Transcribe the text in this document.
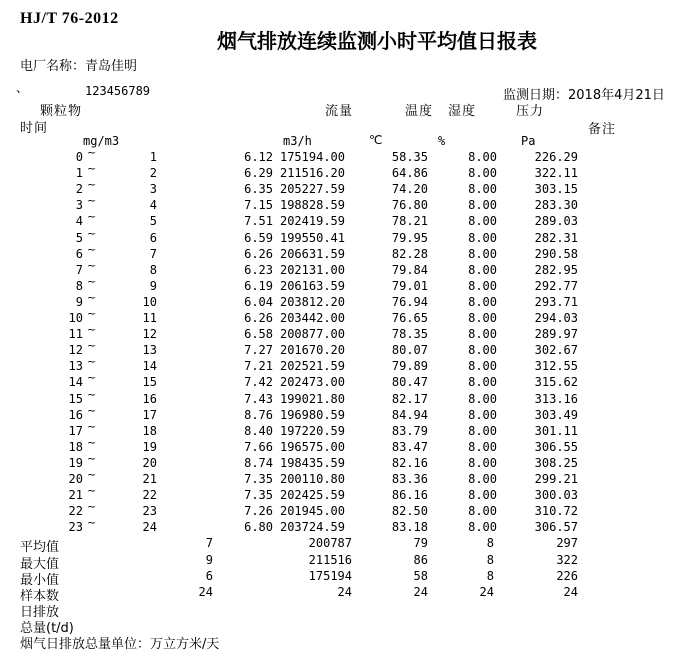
HJ/T 76-2012
烟气排放连续监测小时平均值日报表
电厂名称：青岛佳明
、	123456789	监测日期：2018年4月21日
颗粒物	流量	温度 湿度	压力
时间	备注
mg/m3	m3/h	℃	%	Pa
0 ~	1	6.12 175194.00	58.35	8.00	226.29
1 ~	2	6.29 211516.20	64.86	8.00	322.11
2 ~	3	6.35 205227.59	74.20	8.00	303.15
3 ~	4	7.15 198828.59	76.80	8.00	283.30
4 ~	5	7.51 202419.59	78.21	8.00	289.03
5 ~	6	6.59 199550.41	79.95	8.00	282.31
6 ~	7	6.26 206631.59	82.28	8.00	290.58
7 ~	8	6.23 202131.00	79.84	8.00	282.95
8 ~	9	6.19 206163.59	79.01	8.00	292.77
9 ~	10	6.04 203812.20	76.94	8.00	293.71
10 ~	11	6.26 203442.00	76.65	8.00	294.03
11 ~	12	6.58 200877.00	78.35	8.00	289.97
12 ~	13	7.27 201670.20	80.07	8.00	302.67
13 ~	14	7.21 202521.59	79.89	8.00	312.55
14 ~	15	7.42 202473.00	80.47	8.00	315.62
15 ~	16	7.43 199021.80	82.17	8.00	313.16
16 ~	17	8.76 196980.59	84.94	8.00	303.49
17 ~	18	8.40 197220.59	83.79	8.00	301.11
18 ~	19	7.66 196575.00	83.47	8.00	306.55
19 ~	20	8.74 198435.59	82.16	8.00	308.25
20 ~	21	7.35 200110.80	83.36	8.00	299.21
21 ~	22	7.35 202425.59	86.16	8.00	300.03
22 ~	23	7.26 201945.00	82.50	8.00	310.72
23 ~	24	6.80 203724.59	83.18	8.00	306.57
平均值	7	200787	79	8	297
最大值	9	211516	86	8	322
最小值	6	175194	58	8	226
样本数	24	24	24	24	24
日排放
总量(t/d)
烟气日排放总量单位：万立方米/天
